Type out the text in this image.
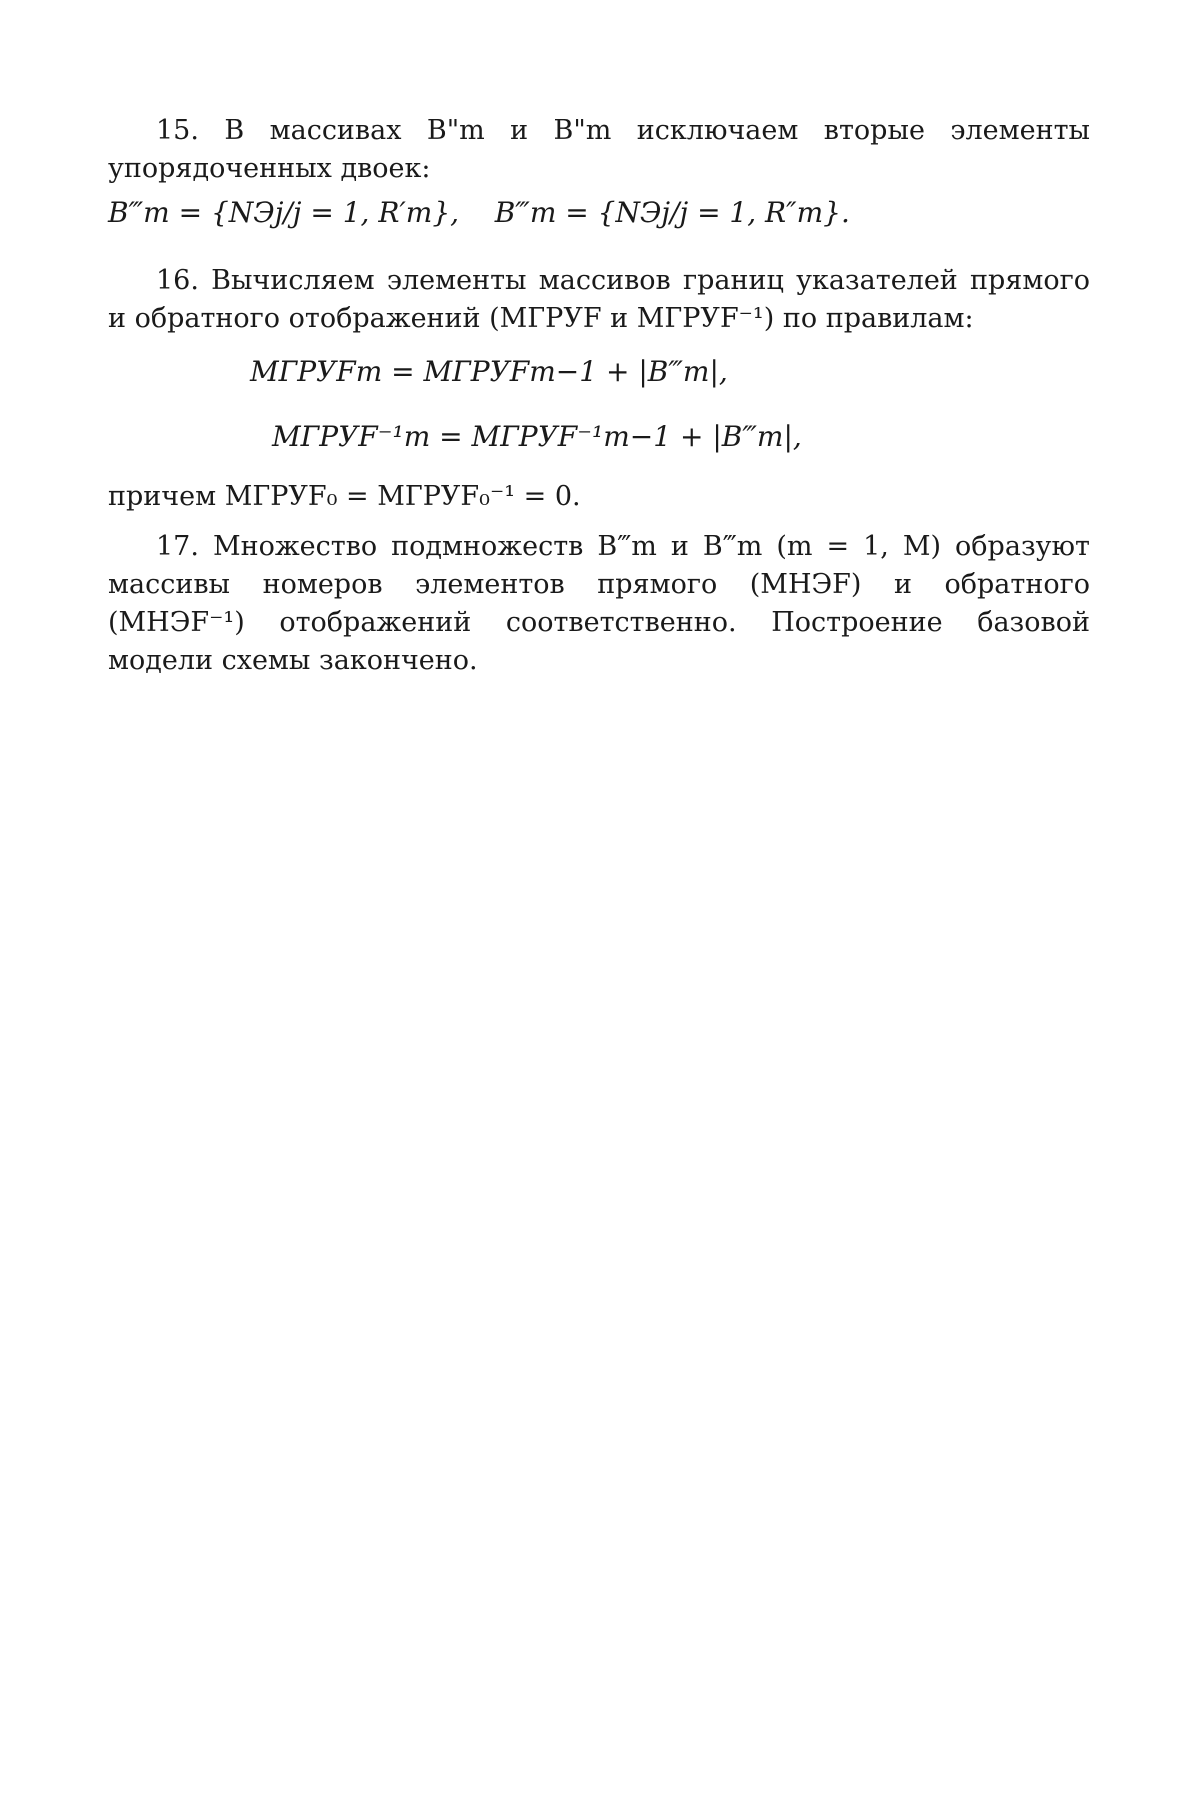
15. В массивах B"m и B"m исключаем вторые элементы упорядоченных двоек:
B‴m = {NЭj/j = 1, R′m}, B‴m = {NЭj/j = 1, R″m}.
16. Вычисляем элементы массивов границ указателей прямого и обратного отображений (МГРУF и МГРУF⁻¹) по правилам:
МГРУFm = МГРУFm−1 + |B‴m|,
МГРУF⁻¹m = МГРУF⁻¹m−1 + |B‴m|,
причем МГРУF₀ = МГРУF₀⁻¹ = 0.
17. Множество подмножеств B‴m и B‴m (m = 1, M) образуют массивы номеров элементов прямого (МНЭF) и обратного (МНЭF⁻¹) отображений соответственно. Построение базовой модели схемы закончено.
